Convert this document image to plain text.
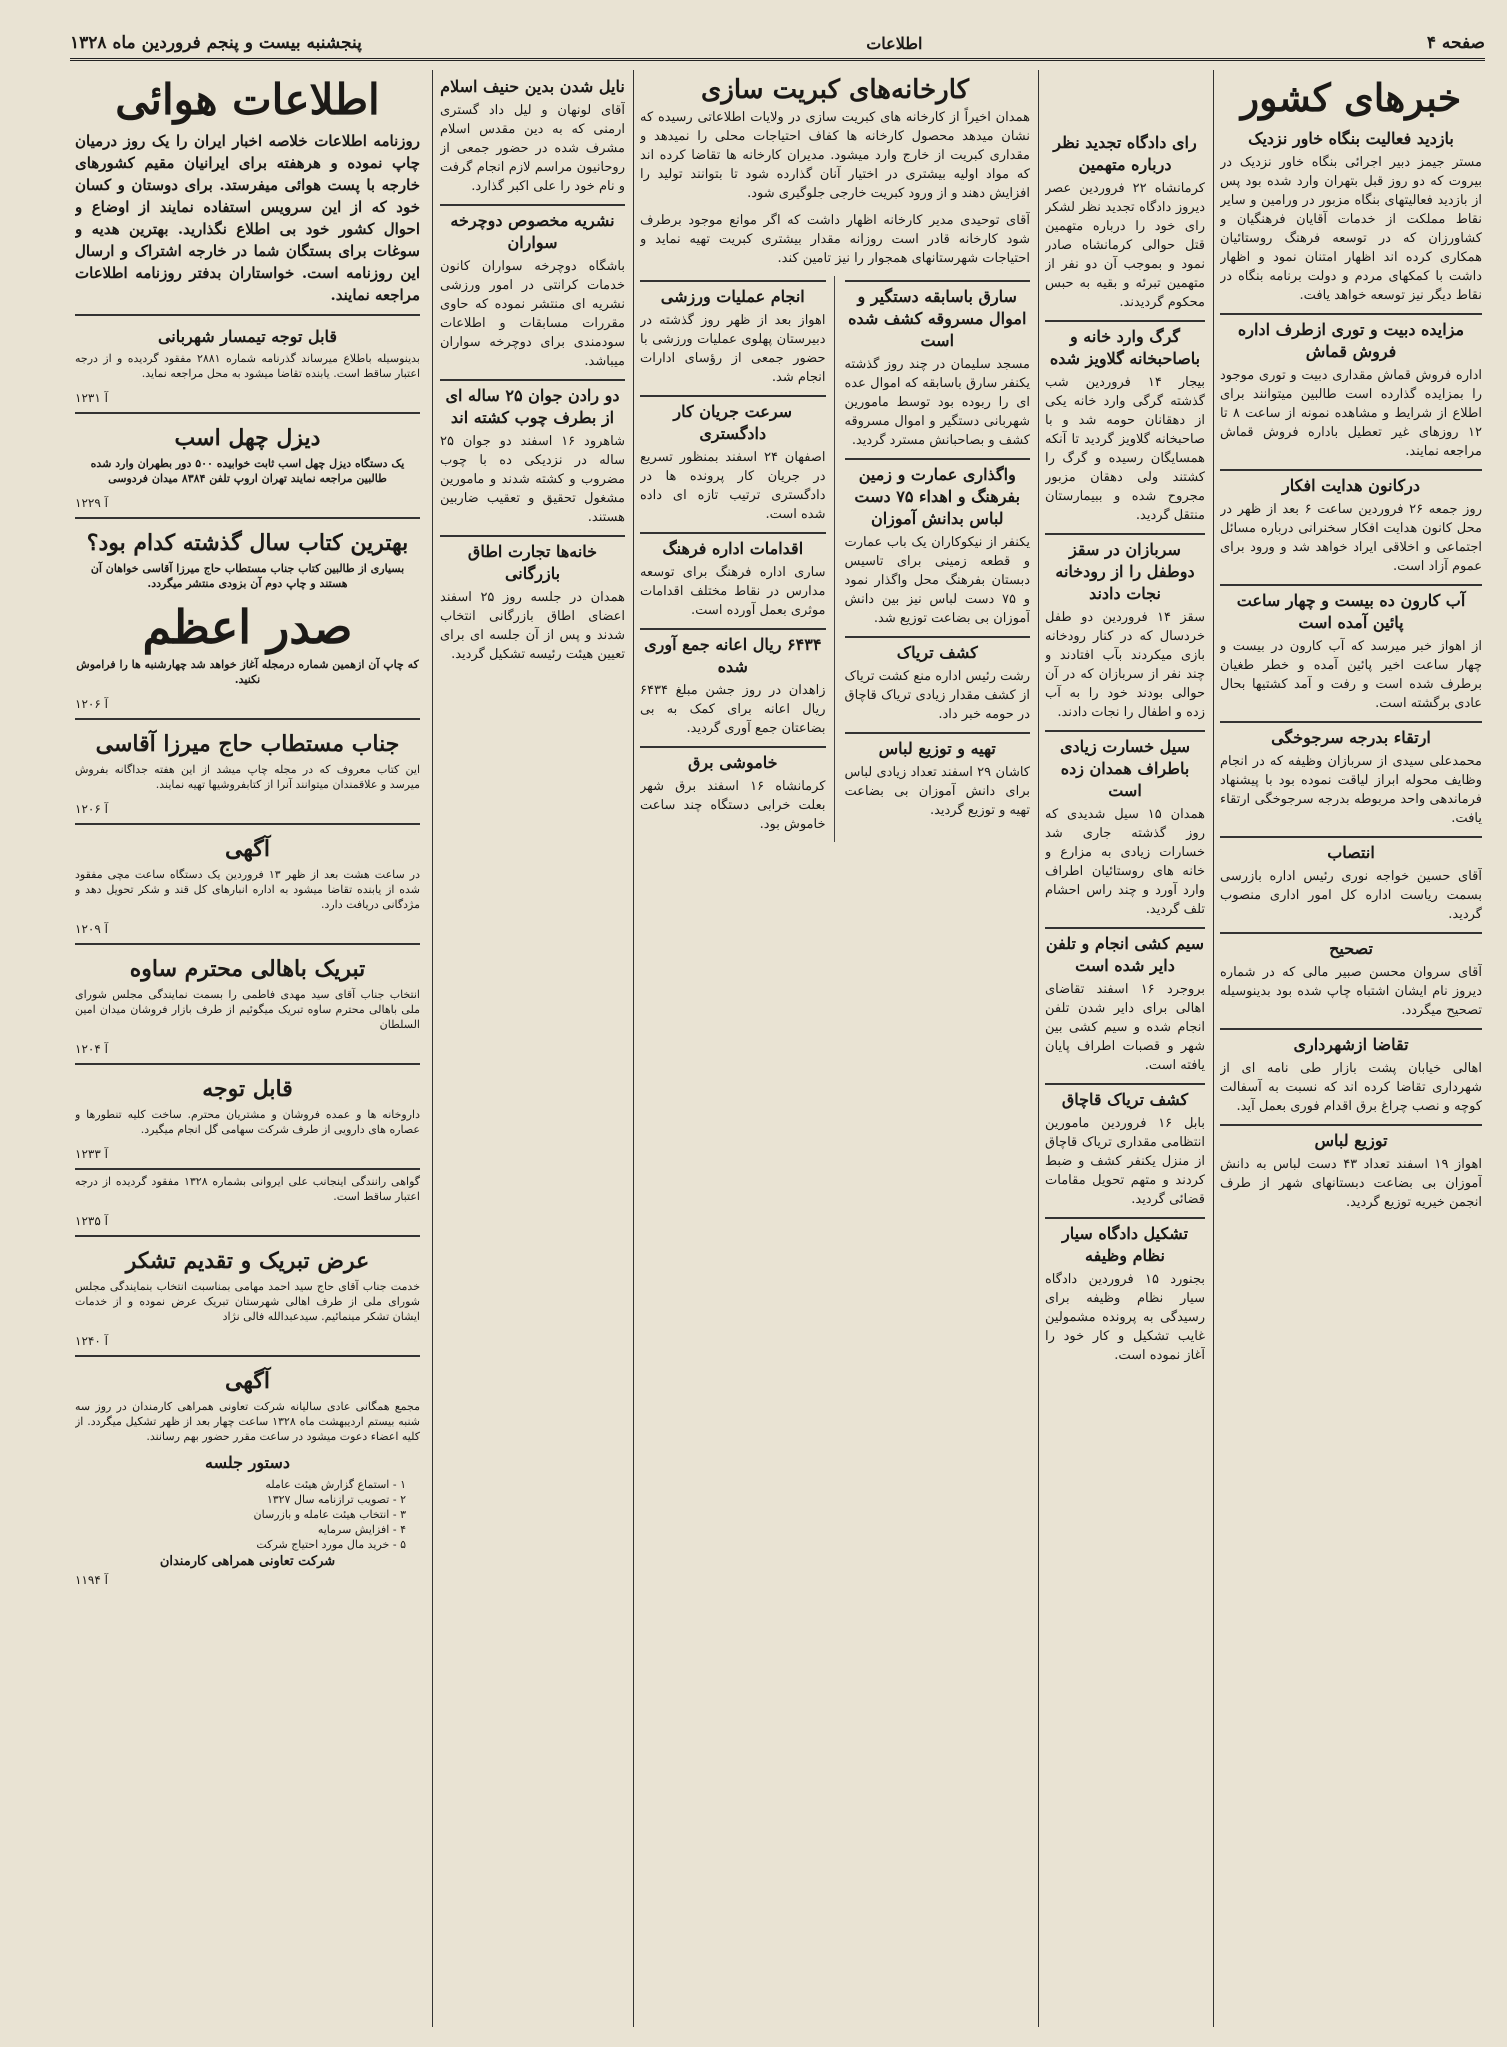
صفحه ۴
اطلاعات
پنجشنبه بیست و پنجم فروردین ماه ۱۳۲۸
خبرهای کشور
بازدید فعالیت بنگاه خاور نزدیک

مستر جیمز دبیر اجرائی بنگاه خاور نزدیک در بیروت که دو روز قبل بتهران وارد شده بود پس از بازدید فعالیتهای بنگاه مزبور در ورامین و سایر نقاط مملکت از خدمات آقایان فرهنگیان و کشاورزان که در توسعه فرهنگ روستائیان همکاری کرده اند اظهار امتنان نمود و اظهار داشت با کمکهای مردم و دولت برنامه بنگاه در نقاط دیگر نیز توسعه خواهد یافت.

مزایده دبیت و توری ازطرف اداره فروش قماش

اداره فروش قماش مقداری دبیت و توری موجود را بمزایده گذارده است طالبین میتوانند برای اطلاع از شرایط و مشاهده نمونه از ساعت ۸ تا ۱۲ روزهای غیر تعطیل باداره فروش قماش مراجعه نمایند.

درکانون هدایت افکار

روز جمعه ۲۶ فروردین ساعت ۶ بعد از ظهر در محل کانون هدایت افکار سخنرانی درباره مسائل اجتماعی و اخلاقی ایراد خواهد شد و ورود برای عموم آزاد است.

آب کارون ده بیست و چهار ساعت پائین آمده است

از اهواز خبر میرسد که آب کارون در بیست و چهار ساعت اخیر پائین آمده و خطر طغیان برطرف شده است و رفت و آمد کشتیها بحال عادی برگشته است.

ارتقاء بدرجه سرجوخگی

محمدعلی سیدی از سربازان وظیفه که در انجام وظایف محوله ابراز لیاقت نموده بود با پیشنهاد فرماندهی واحد مربوطه بدرجه سرجوخگی ارتقاء یافت.

انتصاب

آقای حسین خواجه نوری رئیس اداره بازرسی بسمت ریاست اداره کل امور اداری منصوب گردید.

تصحیح

آقای سروان محسن صبیر مالی که در شماره دیروز نام ایشان اشتباه چاپ شده بود بدینوسیله تصحیح میگردد.

تقاضا ازشهرداری

اهالی خیابان پشت بازار طی نامه ای از شهرداری تقاضا کرده اند که نسبت به آسفالت کوچه و نصب چراغ برق اقدام فوری بعمل آید.

توزیع لباس

اهواز ۱۹ اسفند تعداد ۴۳ دست لباس به دانش آموزان بی بضاعت دبستانهای شهر از طرف انجمن خیریه توزیع گردید.

رای دادگاه تجدید نظر درباره متهمین

کرمانشاه ۲۲ فروردین عصر دیروز دادگاه تجدید نظر لشکر رای خود را درباره متهمین قتل حوالی کرمانشاه صادر نمود و بموجب آن دو نفر از متهمین تبرئه و بقیه به حبس محکوم گردیدند.

گرگ وارد خانه و باصاحبخانه گلاویز شده

بیجار ۱۴ فروردین شب گذشته گرگی وارد خانه یکی از دهقانان حومه شد و با صاحبخانه گلاویز گردید تا آنکه همسایگان رسیده و گرگ را کشتند ولی دهقان مزبور مجروح شده و ببیمارستان منتقل گردید.

سربازان در سقز دوطفل را از رودخانه نجات دادند

سقز ۱۴ فروردین دو طفل خردسال که در کنار رودخانه بازی میکردند بآب افتادند و چند نفر از سربازان که در آن حوالی بودند خود را به آب زده و اطفال را نجات دادند.

سیل خسارت زیادی باطراف همدان زده است

همدان ۱۵ سیل شدیدی که روز گذشته جاری شد خسارات زیادی به مزارع و خانه های روستائیان اطراف وارد آورد و چند راس احشام تلف گردید.

سیم کشی انجام و تلفن دایر شده است

بروجرد ۱۶ اسفند تقاضای اهالی برای دایر شدن تلفن انجام شده و سیم کشی بین شهر و قصبات اطراف پایان یافته است.

کشف تریاک قاچاق

بابل ۱۶ فروردین مامورین انتظامی مقداری تریاک قاچاق از منزل یکنفر کشف و ضبط کردند و متهم تحویل مقامات قضائی گردید.

تشکیل دادگاه سیار نظام وظیفه

بجنورد ۱۵ فروردین دادگاه سیار نظام وظیفه برای رسیدگی به پرونده مشمولین غایب تشکیل و کار خود را آغاز نموده است.

کارخانه‌های کبریت سازی

همدان اخیراً از کارخانه های کبریت سازی در ولایات اطلاعاتی رسیده که نشان میدهد محصول کارخانه ها کفاف احتیاجات محلی را نمیدهد و مقداری کبریت از خارج وارد میشود. مدیران کارخانه ها تقاضا کرده اند که مواد اولیه بیشتری در اختیار آنان گذارده شود تا بتوانند تولید را افزایش دهند و از ورود کبریت خارجی جلوگیری شود.

آقای توحیدی مدیر کارخانه اظهار داشت که اگر موانع موجود برطرف شود کارخانه قادر است روزانه مقدار بیشتری کبریت تهیه نماید و احتیاجات شهرستانهای همجوار را نیز تامین کند.

سارق باسابقه دستگیر و اموال مسروقه کشف شده است

مسجد سلیمان در چند روز گذشته یکنفر سارق باسابقه که اموال عده ای را ربوده بود توسط مامورین شهربانی دستگیر و اموال مسروقه کشف و بصاحبانش مسترد گردید.

واگذاری عمارت و زمین بفرهنگ و اهداء ۷۵ دست لباس بدانش آموزان

یکنفر از نیکوکاران یک باب عمارت و قطعه زمینی برای تاسیس دبستان بفرهنگ محل واگذار نمود و ۷۵ دست لباس نیز بین دانش آموزان بی بضاعت توزیع شد.

کشف تریاک

رشت رئیس اداره منع کشت تریاک از کشف مقدار زیادی تریاک قاچاق در حومه خبر داد.

تهیه و توزیع لباس

کاشان ۲۹ اسفند تعداد زیادی لباس برای دانش آموزان بی بضاعت تهیه و توزیع گردید.

انجام عملیات ورزشی

اهواز بعد از ظهر روز گذشته در دبیرستان پهلوی عملیات ورزشی با حضور جمعی از رؤسای ادارات انجام شد.

سرعت جریان کار دادگستری

اصفهان ۲۴ اسفند بمنظور تسریع در جریان کار پرونده ها در دادگستری ترتیب تازه ای داده شده است.

اقدامات اداره فرهنگ

ساری اداره فرهنگ برای توسعه مدارس در نقاط مختلف اقدامات موثری بعمل آورده است.

۶۴۳۴ ریال اعانه جمع آوری شده

زاهدان در روز جشن مبلغ ۶۴۳۴ ریال اعانه برای کمک به بی بضاعتان جمع آوری گردید.

خاموشی برق

کرمانشاه ۱۶ اسفند برق شهر بعلت خرابی دستگاه چند ساعت خاموش بود.

نایل شدن بدین حنیف اسلام

آقای لونهان و لیل داد گستری ارمنی که به دین مقدس اسلام مشرف شده در حضور جمعی از روحانیون مراسم لازم انجام گرفت و نام خود را علی اکبر گذارد.

نشریه مخصوص دوچرخه سواران

باشگاه دوچرخه سواران کانون خدمات کرانتی در امور ورزشی نشریه ای منتشر نموده که حاوی مقررات مسابقات و اطلاعات سودمندی برای دوچرخه سواران میباشد.

دو رادن جوان ۲۵ ساله ای از بطرف چوب کشته اند

شاهرود ۱۶ اسفند دو جوان ۲۵ ساله در نزدیکی ده با چوب مضروب و کشته شدند و مامورین مشغول تحقیق و تعقیب ضاربین هستند.

خانه‌ها تجارت اطاق بازرگانی

همدان در جلسه روز ۲۵ اسفند اعضای اطاق بازرگانی انتخاب شدند و پس از آن جلسه ای برای تعیین هیئت رئیسه تشکیل گردید.

اطلاعات هوائی

روزنامه اطلاعات خلاصه اخبار ایران را یک روز درمیان چاپ نموده و هرهفته برای ایرانیان مقیم کشورهای خارجه با پست هوائی میفرستد. برای دوستان و کسان خود که از این سرویس استفاده نمایند از اوضاع و احوال کشور خود بی اطلاع نگذارید. بهترین هدیه و سوغات برای بستگان شما در خارجه اشتراک و ارسال این روزنامه است. خواستاران بدفتر روزنامه اطلاعات مراجعه نمایند.

قابل توجه تیمسار شهربانی

بدینوسیله باطلاع میرساند گذرنامه شماره ۲۸۸۱ مفقود گردیده و از درجه اعتبار ساقط است. یابنده تقاضا میشود به محل مراجعه نماید.

آ ۱۲۳۱
دیزل چهل اسب

یک دستگاه دیزل چهل اسب ثابت خوابیده ۵۰۰ دور بطهران وارد شده طالبین مراجعه نمایند تهران اروپ تلفن ۸۳۸۴ میدان فردوسی

آ ۱۲۲۹
بهترین کتاب سال گذشته کدام بود؟

بسیاری از طالبین کتاب جناب مستطاب حاج میرزا آقاسی خواهان آن هستند و چاپ دوم آن بزودی منتشر میگردد.

صدر اعظم

که چاپ آن ازهمین شماره درمجله آغاز خواهد شد چهارشنبه ها را فراموش نکنید.

۱۲۰۶ آ
جناب مستطاب حاج میرزا آقاسی

این کتاب معروف که در مجله چاپ میشد از این هفته جداگانه بفروش میرسد و علاقمندان میتوانند آنرا از کتابفروشیها تهیه نمایند.

آ ۱۲۰۶
آگهی

در ساعت هشت بعد از ظهر ۱۳ فروردین یک دستگاه ساعت مچی مفقود شده از یابنده تقاضا میشود به اداره انبارهای کل قند و شکر تحویل دهد و مژدگانی دریافت دارد.

آ ۱۲۰۹
تبریک باهالی محترم ساوه

انتخاب جناب آقای سید مهدی فاطمی را بسمت نمایندگی مجلس شورای ملی باهالی محترم ساوه تبریک میگوئیم از طرف بازار فروشان میدان امین السلطان

آ ۱۲۰۴
قابل توجه

داروخانه ها و عمده فروشان و مشتریان محترم. ساخت کلیه تنطورها و عصاره های دارویی از طرف شرکت سهامی گل انجام میگیرد.

آ ۱۲۳۳

گواهی رانندگی اینجانب علی ایروانی بشماره ۱۳۲۸ مفقود گردیده از درجه اعتبار ساقط است.

آ ۱۲۳۵
عرض تبریک و تقدیم تشکر

خدمت جناب آقای حاج سید احمد مهامی بمناسبت انتخاب بنمایندگی مجلس شورای ملی از طرف اهالی شهرستان تبریک عرض نموده و از خدمات ایشان تشکر مینمائیم. سیدعبدالله فالی نژاد

آ ۱۲۴۰
آگهی

مجمع همگانی عادی سالیانه شرکت تعاونی همراهی کارمندان در روز سه شنبه بیستم اردیبهشت ماه ۱۳۲۸ ساعت چهار بعد از ظهر تشکیل میگردد. از کلیه اعضاء دعوت میشود در ساعت مقرر حضور بهم رسانند.

دستور جلسه
۱ - استماع گزارش هیئت عامله
۲ - تصویب ترازنامه سال ۱۳۲۷
۳ - انتخاب هیئت عامله و بازرسان
۴ - افزایش سرمایه
۵ - خرید مال مورد احتیاج شرکت
شرکت تعاونی همراهی کارمندان
آ ۱۱۹۴
